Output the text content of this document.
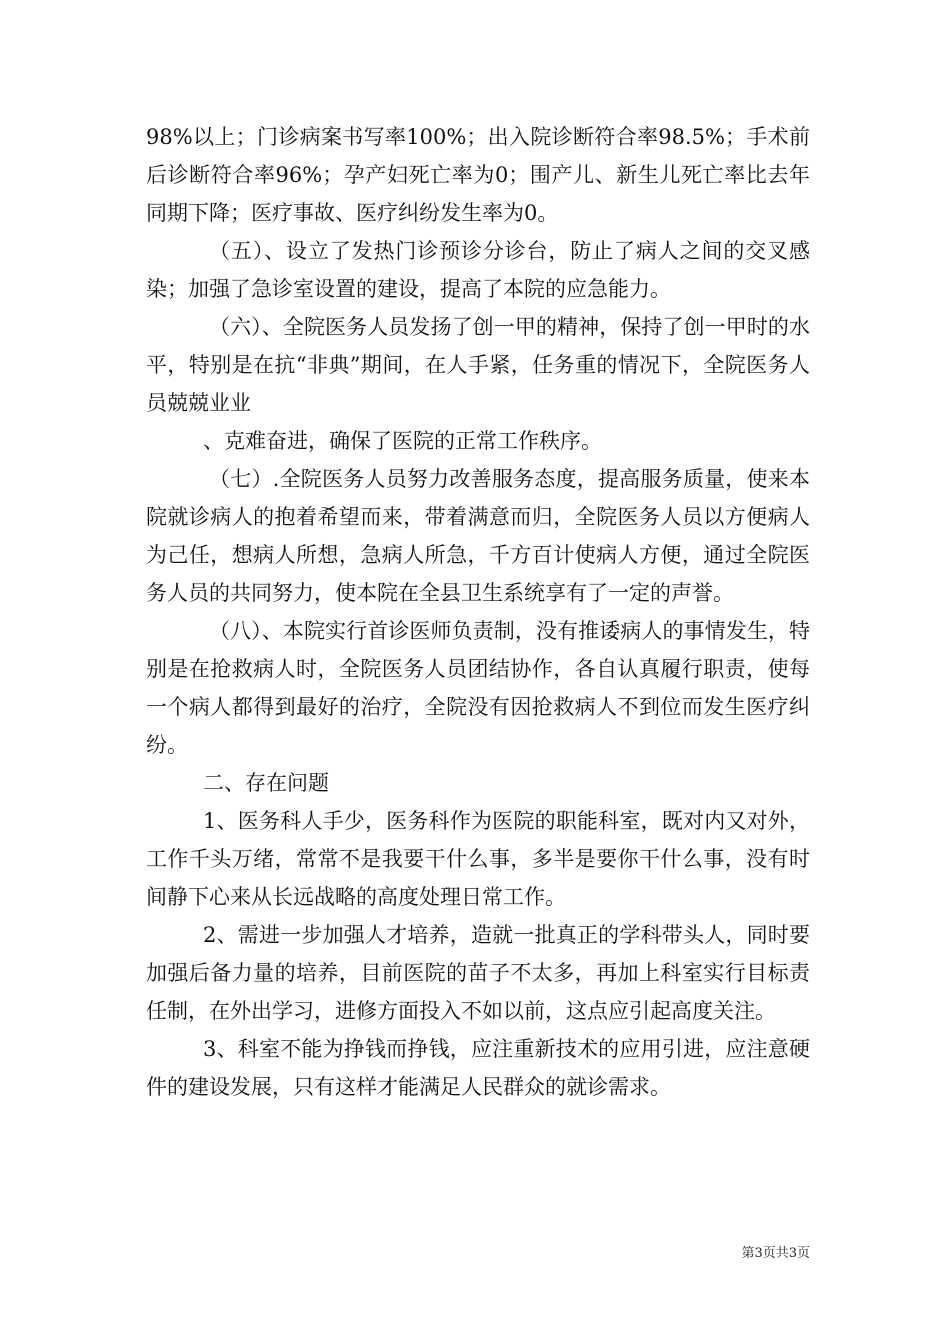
98%以上；门诊病案书写率100%；出入院诊断符合率98.5%；手术前后诊断符合率96%；孕产妇死亡率为0；围产儿、新生儿死亡率比去年同期下降；医疗事故、医疗纠纷发生率为0。

（五）、设立了发热门诊预诊分诊台，防止了病人之间的交叉感染；加强了急诊室设置的建设，提高了本院的应急能力。

（六）、全院医务人员发扬了创一甲的精神，保持了创一甲时的水平，特别是在抗“非典”期间，在人手紧，任务重的情况下，全院医务人员兢兢业业

、克难奋进，确保了医院的正常工作秩序。

（七）.全院医务人员努力改善服务态度，提高服务质量，使来本院就诊病人的抱着希望而来，带着满意而归，全院医务人员以方便病人为己任，想病人所想，急病人所急，千方百计使病人方便，通过全院医务人员的共同努力，使本院在全县卫生系统享有了一定的声誉。

（八）、本院实行首诊医师负责制，没有推诿病人的事情发生，特别是在抢救病人时，全院医务人员团结协作，各自认真履行职责，使每一个病人都得到最好的治疗，全院没有因抢救病人不到位而发生医疗纠纷。

二、存在问题

1、医务科人手少，医务科作为医院的职能科室，既对内又对外，工作千头万绪，常常不是我要干什么事，多半是要你干什么事，没有时间静下心来从长远战略的高度处理日常工作。

2、需进一步加强人才培养，造就一批真正的学科带头人，同时要加强后备力量的培养，目前医院的苗子不太多，再加上科室实行目标责任制，在外出学习，进修方面投入不如以前，这点应引起高度关注。

3、科室不能为挣钱而挣钱，应注重新技术的应用引进，应注意硬件的建设发展，只有这样才能满足人民群众的就诊需求。

第3页共3页
